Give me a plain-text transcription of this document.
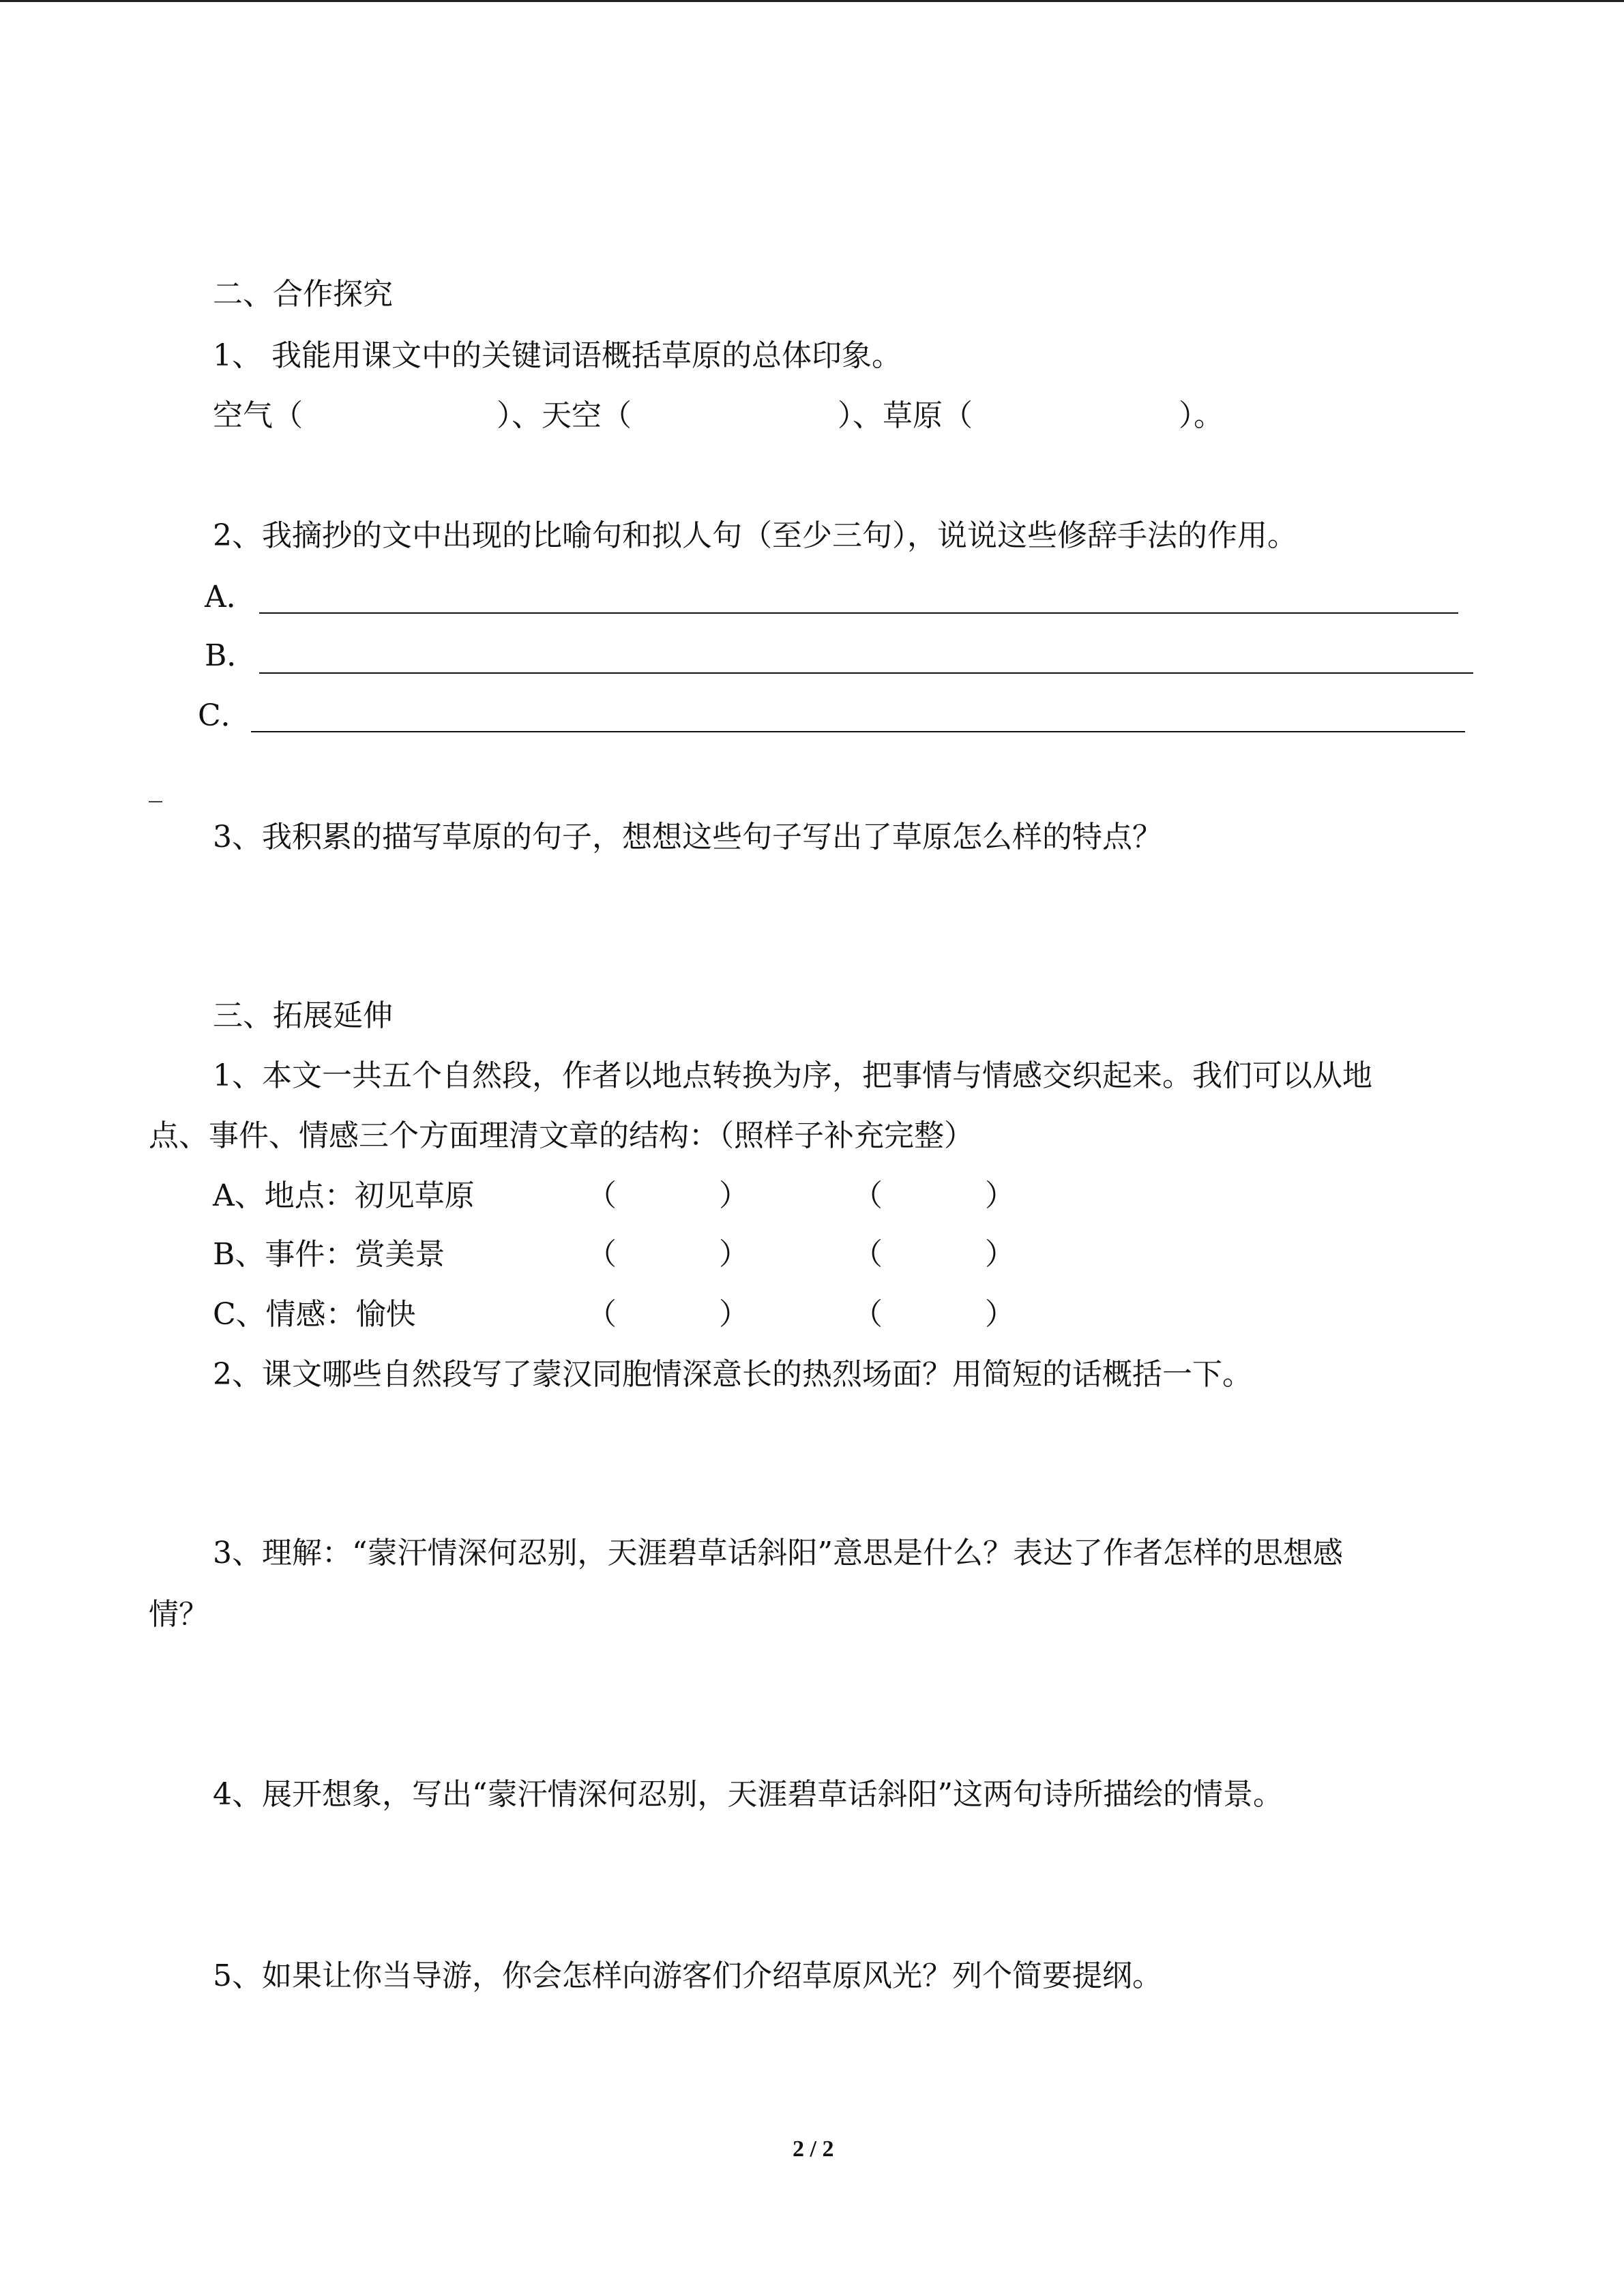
二、合作探究
1、 我能用课文中的关键词语概括草原的总体印象。
空气（	）、天空（	）、草原（	）。
2、我摘抄的文中出现的比喻句和拟人句（至少三句），说说这些修辞手法的作用。
A．
B．
C．
_
3、我积累的描写草原的句子，想想这些句子写出了草原怎么样的特点？
三、拓展延伸
1、本文一共五个自然段，作者以地点转换为序，把事情与情感交织起来。我们可以从地
点、事件、情感三个方面理清文章的结构：（照样子补充完整）
A、地点：初见草原	（	）	（	）
B、事件：赏美景	（	）	（	）
C、情感：愉快	（	）	（	）
2、课文哪些自然段写了蒙汉同胞情深意长的热烈场面？用简短的话概括一下。
3、理解：“蒙汗情深何忍别，天涯碧草话斜阳”意思是什么？表达了作者怎样的思想感
情？
4、展开想象，写出“蒙汗情深何忍别，天涯碧草话斜阳”这两句诗所描绘的情景。
5、如果让你当导游，你会怎样向游客们介绍草原风光？列个简要提纲。
2 / 2
